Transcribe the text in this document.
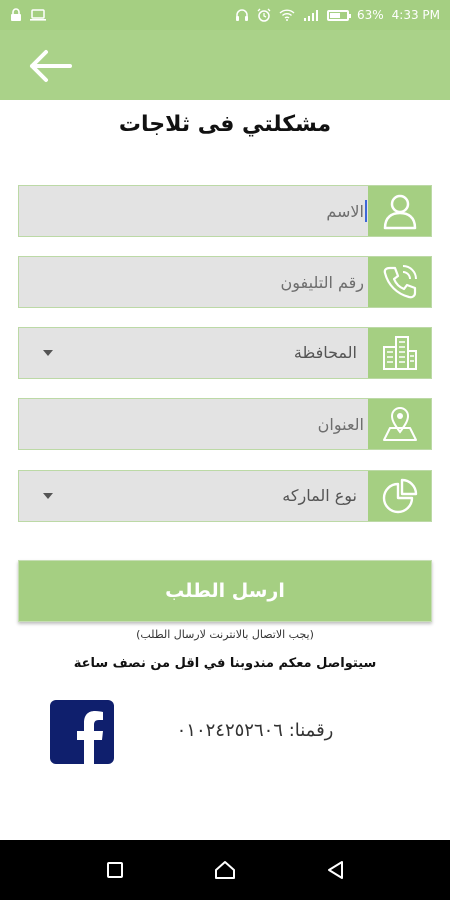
63% 4:33 PM
مشكلتي فى ثلاجات
الاسم
رقم التليفون
المحافظة
العنوان
نوع الماركه
ارسل الطلب
(يجب الاتصال بالانترنت لارسال الطلب)
سيتواصل معكم مندوبنا في اقل من نصف ساعة
رقمنا: ٠١٠٢٤٢٥٢٦٠٦
